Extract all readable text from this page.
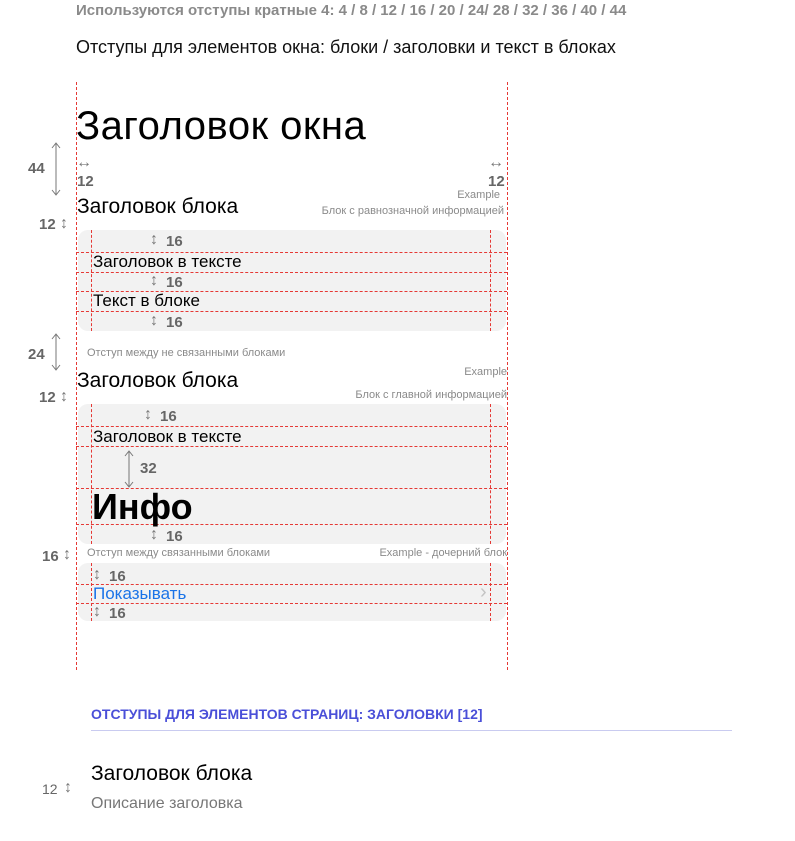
Используются отступы кратные 4: 4 / 8 / 12 / 16 / 20 / 24/ 28 / 32 / 36 / 40 / 44
Отступы для элементов окна: блоки / заголовки и текст в блоках
Заголовок окна
↔
12
↔
12
44
12 ↕
24
12 ↕
16 ↕
Заголовок блока	Example
Блок с равнозначной информацией
↕ 16
Заголовок в тексте
↕ 16
Текст в блоке
↕ 16
Отступ между не связанными блоками
Заголовок блока	Example
Блок с главной информацией
↕ 16
Заголовок в тексте
32
Инфо
↕ 16
Отступ между связанными блоками	Example - дочерний блок
↕ 16
Показывать	›
↕ 16
ОТСТУПЫ ДЛЯ ЭЛЕМЕНТОВ СТРАНИЦ: ЗАГОЛОВКИ [12]
12 ↕
Заголовок блока
Описание заголовка
